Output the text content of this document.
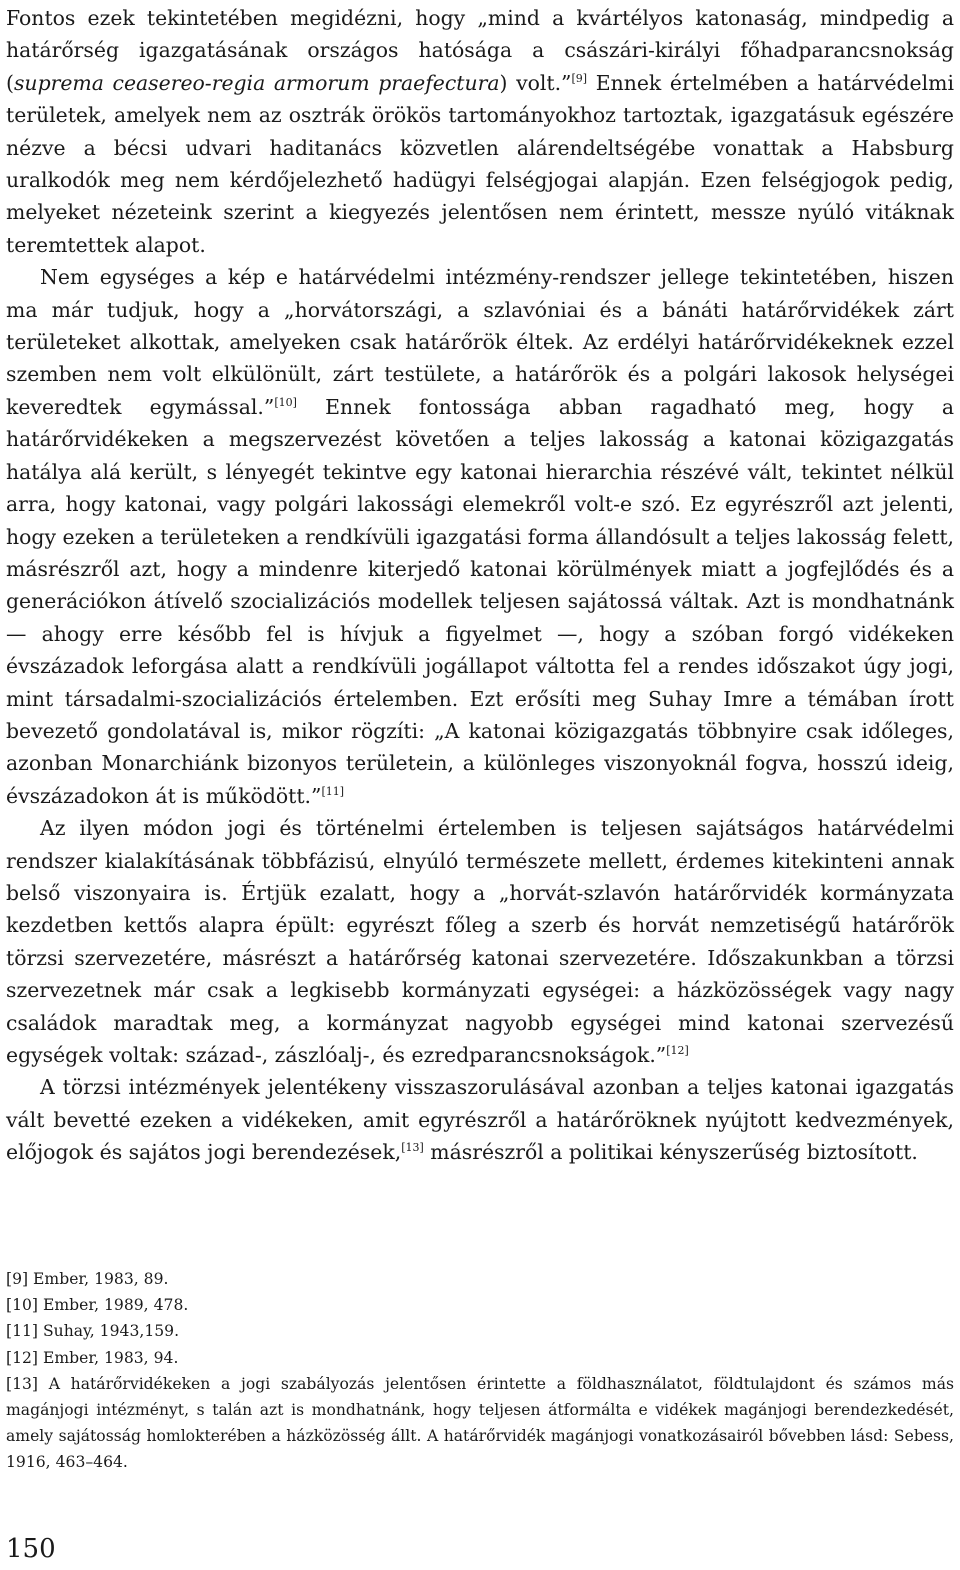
Fontos ezek tekintetében megidézni, hogy „mind a kvártélyos katonaság, mindpedig a határőrség igazgatásának országos hatósága a császári-királyi főhadparancsnokság (suprema ceasereo-regia armorum praefectura) volt.”[9] Ennek értelmében a határvédelmi területek, amelyek nem az osztrák örökös tartományokhoz tartoztak, igazgatásuk egészére nézve a bécsi udvari haditanács közvetlen alárendeltségébe vonattak a Habsburg uralkodók meg nem kérdőjelezhető hadügyi felségjogai alapján. Ezen felségjogok pedig, melyeket nézeteink szerint a kiegyezés jelentősen nem érintett, messze nyúló vitáknak teremtettek alapot.

Nem egységes a kép e határvédelmi intézmény-rendszer jellege tekintetében, hiszen ma már tudjuk, hogy a „horvátországi, a szlavóniai és a bánáti határőrvidékek zárt területeket alkottak, amelyeken csak határőrök éltek. Az erdélyi határőrvidékeknek ezzel szemben nem volt elkülönült, zárt testülete, a határőrök és a polgári lakosok helységei keveredtek egymással.”[10] Ennek fontossága abban ragadható meg, hogy a határőrvidékeken a megszervezést követően a teljes lakosság a katonai közigazgatás hatálya alá került, s lényegét tekintve egy katonai hierarchia részévé vált, tekintet nélkül arra, hogy katonai, vagy polgári lakossági elemekről volt-e szó. Ez egyrészről azt jelenti, hogy ezeken a területeken a rendkívüli igazgatási forma állandósult a teljes lakosság felett, másrészről azt, hogy a mindenre kiterjedő katonai körülmények miatt a jogfejlődés és a generációkon átívelő szocializációs modellek teljesen sajátossá váltak. Azt is mondhatnánk — ahogy erre később fel is hívjuk a figyelmet —, hogy a szóban forgó vidékeken évszázadok leforgása alatt a rendkívüli jogállapot váltotta fel a rendes időszakot úgy jogi, mint társadalmi-szocializációs értelemben. Ezt erősíti meg Suhay Imre a témában írott bevezető gondolatával is, mikor rögzíti: „A katonai közigazgatás többnyire csak időleges, azonban Monarchiánk bizonyos területein, a különleges viszonyoknál fogva, hosszú ideig, évszázadokon át is működött.”[11]

Az ilyen módon jogi és történelmi értelemben is teljesen sajátságos határvédelmi rendszer kialakításának többfázisú, elnyúló természete mellett, érdemes kitekinteni annak belső viszonyaira is. Értjük ezalatt, hogy a „horvát-szlavón határőrvidék kormányzata kezdetben kettős alapra épült: egyrészt főleg a szerb és horvát nemzetiségű határőrök törzsi szervezetére, másrészt a határőrség katonai szervezetére. Időszakunkban a törzsi szervezetnek már csak a legkisebb kormányzati egységei: a házközösségek vagy nagy családok maradtak meg, a kormányzat nagyobb egységei mind katonai szervezésű egységek voltak: század-, zászlóalj-, és ezredparancsnokságok.”[12]

A törzsi intézmények jelentékeny visszaszorulásával azonban a teljes katonai igazgatás vált bevetté ezeken a vidékeken, amit egyrészről a határőröknek nyújtott kedvezmények, előjogok és sajátos jogi berendezések,[13] másrészről a politikai kényszerűség biztosított.

[9] Ember, 1983, 89.

[10] Ember, 1989, 478.

[11] Suhay, 1943,159.

[12] Ember, 1983, 94.

[13] A határőrvidékeken a jogi szabályozás jelentősen érintette a földhasználatot, földtulajdont és számos más magánjogi intézményt, s talán azt is mondhatnánk, hogy teljesen átformálta e vidékek magánjogi berendezkedését, amely sajátosság homlokterében a házközösség állt. A határőrvidék magánjogi vonatkozásairól bővebben lásd: Sebess, 1916, 463–464.

150
